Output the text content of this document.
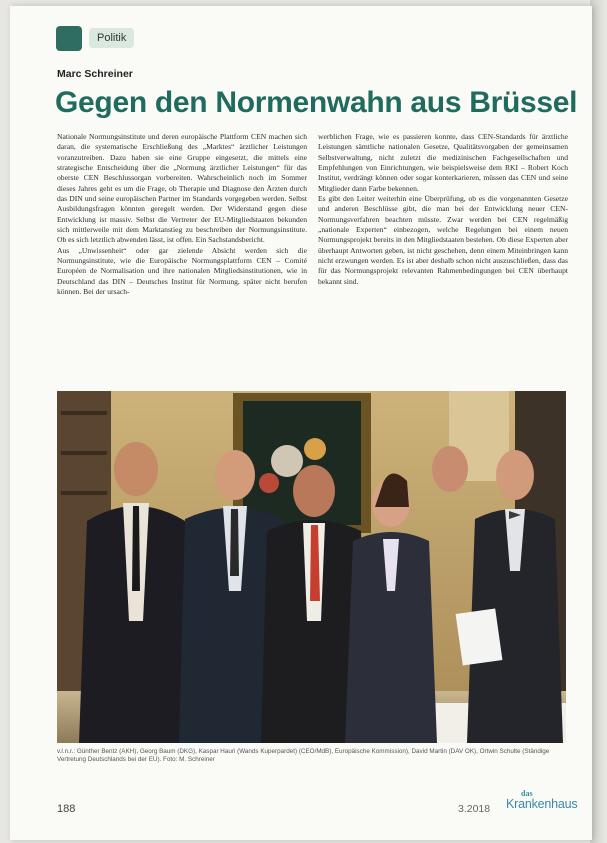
Politik
Marc Schreiner
Gegen den Normenwahn aus Brüssel

Nationale Normungsinstitute und deren europäische Plattform CEN machen sich daran, die systematische Erschließung des „Marktes“ ärztlicher Leistungen voranzutreiben. Dazu haben sie eine Gruppe eingesetzt, die mittels eine strategische Entscheidung über die „Normung ärztlicher Leistungen“ für das oberste CEN Beschlussorgan vorbereiten. Wahrscheinlich noch im Sommer dieses Jahres geht es um die Frage, ob Therapie und Diagnose den Ärzten durch das DIN und seine europäischen Partner im Standards vorgegeben werden. Selbst Ausbildungsfragen könnten geregelt werden. Der Widerstand gegen diese Entwicklung ist massiv. Selbst die Vertreter der EU-Mitgliedstaaten bekunden sich mittlerweile mit dem Marktanstieg zu beschreiben der Normungsinstitute. Ob es sich letztlich abwenden lässt, ist offen. Ein Sachstandsbericht.

Aus „Unwissenheit“ oder gar zielende Absicht werden sich die Normungsinstitute, wie die Europäische Normungsplattform CEN – Comité Européen de Normalisation und ihre nationalen Mitgliedsinstitutionen, wie in Deutschland das DIN – Deutsches Institut für Normung, später nicht berufen können. Bei der ursach-

werblichen Frage, wie es passieren konnte, dass CEN-Standards für ärztliche Leistungen sämtliche nationalen Gesetze, Qualitätsvorgaben der gemeinsamen Selbstverwaltung, nicht zuletzt die medizinischen Fachgesellschaften und Empfehlungen von Einrichtungen, wie beispielsweise dem RKI – Robert Koch Institut, verdrängt können oder sogar konterkarieren, müssen das CEN und seine Mitglieder dann Farbe bekennen.

Es gibt den Leiter weiterhin eine Überprüfung, ob es die vorgenannten Gesetze und anderen Beschlüsse gibt, die man bei der Entwicklung neuer CEN-Normungsverfahren beachten müsste. Zwar werden bei CEN regelmäßig „nationale Experten“ einbezogen, welche Regelungen bei einem neuen Normungsprojekt bereits in den Mitgliedstaaten bestehen. Ob diese Experten aber überhaupt Antworten geben, ist nicht geschehen, denn einem Miteinbringen kann nicht erzwungen werden. Es ist aber deshalb schon nicht auszuschließen, dass das für das Normungsprojekt relevanten Rahmenbedingungen bei CEN überhaupt bekannt sind.

v.l.n.r.: Günther Bentz (AKH), Georg Baum (DKG), Kaspar Hauri (Wands Kuperpardet) (CEO/MdB), Europäische Kommission), David Martin (DAV OK), Ortwin Schulte (Ständige Vertretung Deutschlands bei der EU). Foto: M. Schreiner
188	3.2018
das
Krankenhaus
